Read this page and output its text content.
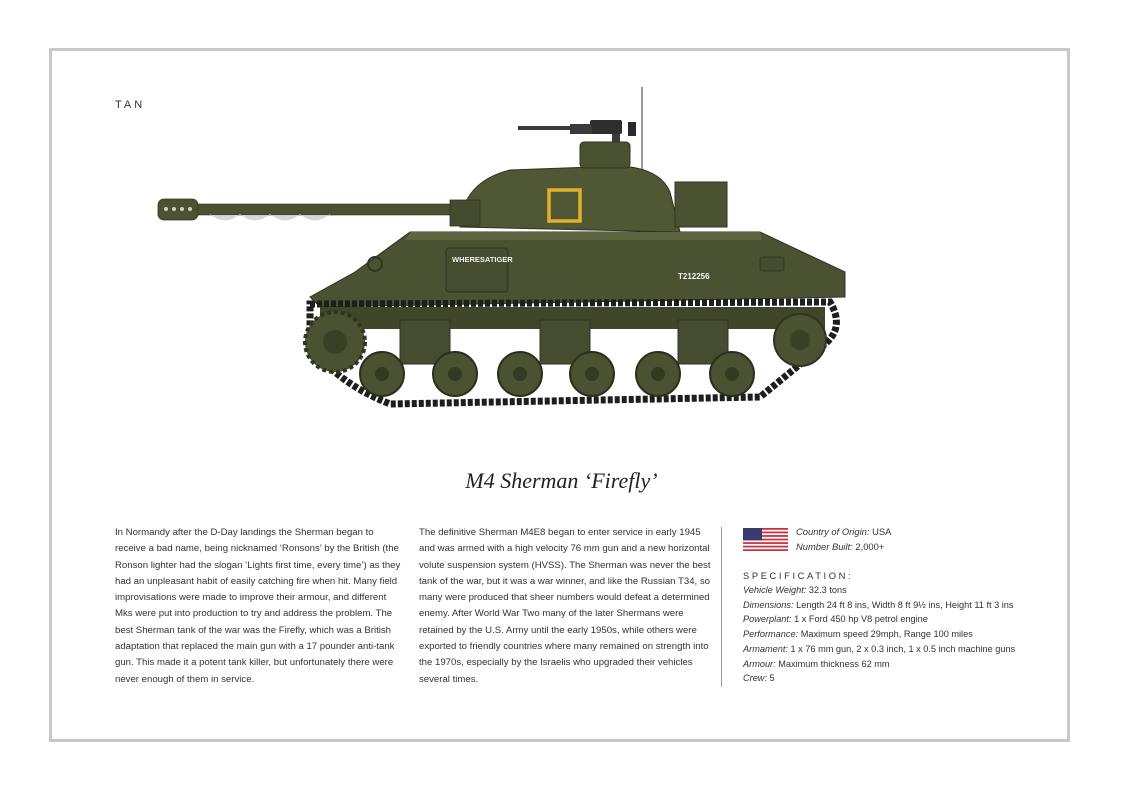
TAN
WHERESATIGER
T212256
M4 Sherman ‘Firefly’
In Normandy after the D-Day landings the Sherman began to receive a bad name, being nicknamed ‘Ronsons’ by the British (the Ronson lighter had the slogan ‘Lights first time, every time’) as they had an unpleasant habit of easily catching fire when hit. Many field improvisations were made to improve their armour, and different Mks were put into production to try and address the problem. The best Sherman tank of the war was the Firefly, which was a British adaptation that replaced the main gun with a 17 pounder anti-tank gun. This made it a potent tank killer, but unfortunately there were never enough of them in service.
The definitive Sherman M4E8 began to enter service in early 1945 and was armed with a high velocity 76 mm gun and a new horizontal volute suspension system (HVSS). The Sherman was never the best tank of the war, but it was a war winner, and like the Russian T34, so many were produced that sheer numbers would defeat a determined enemy. After World War Two many of the later Shermans were retained by the U.S. Army until the early 1950s, while others were exported to friendly countries where many remained on strength into the 1970s, especially by the Israelis who upgraded their vehicles several times.
Country of Origin: USA
Number Built: 2,000+
SPECIFICATION:
Vehicle Weight: 32.3 tons
Dimensions: Length 24 ft 8 ins, Width 8 ft 9½ ins, Height 11 ft 3 ins
Powerplant: 1 x Ford 450 hp V8 petrol engine
Performance: Maximum speed 29mph, Range 100 miles
Armament: 1 x 76 mm gun, 2 x 0.3 inch, 1 x 0.5 inch machine guns
Armour: Maximum thickness 62 mm
Crew: 5
